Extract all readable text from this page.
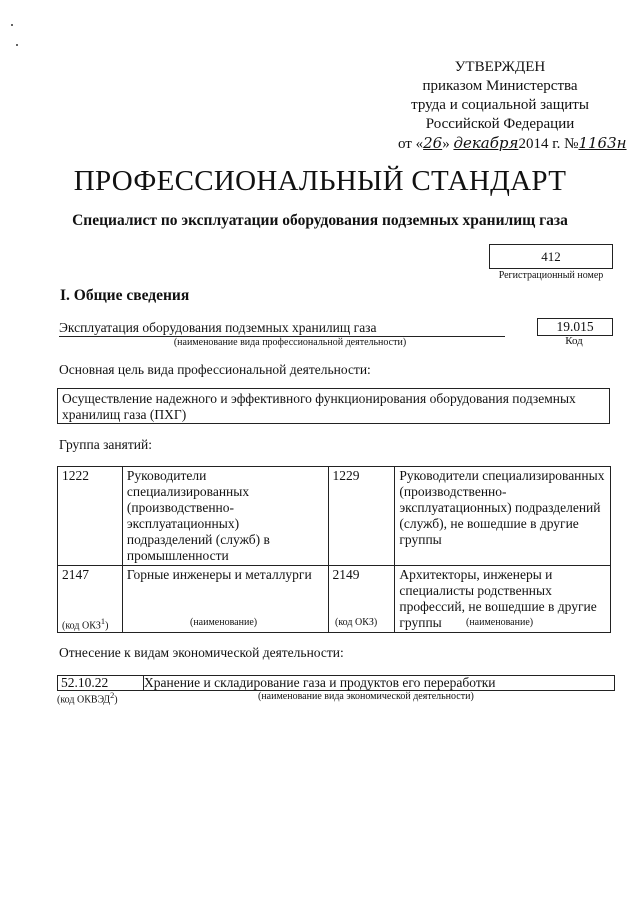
УТВЕРЖДЕН
приказом Министерства
труда и социальной защиты
Российской Федерации
от «26» декабря2014 г. №1163н
ПРОФЕССИОНАЛЬНЫЙ СТАНДАРТ
Специалист по эксплуатации оборудования подземных хранилищ газа
412
Регистрационный номер
I. Общие сведения
Эксплуатация оборудования подземных хранилищ газа	19.015
(наименование вида профессиональной деятельности)	Код
Основная цель вида профессиональной деятельности:
Осуществление надежного и эффективного функционирования оборудования подземных хранилищ газа (ПХГ)
Группа занятий:
1222	Руководители специализированных (производственно-эксплуатационных) подразделений (служб) в промышленности	1229	Руководители специализированных (производственно-эксплуатационных) подразделений (служб), не вошедшие в другие группы
2147	Горные инженеры и металлурги	2149	Архитекторы, инженеры и специалисты родственных профессий, не вошедшие в другие группы
(код ОКЗ$^1$)	(наименование)	(код ОКЗ)	(наименование)
Отнесение к видам экономической деятельности:
52.10.22	Хранение и складирование газа и продуктов его переработки
(код ОКВЭД$^2$)	(наименование вида экономической деятельности)
